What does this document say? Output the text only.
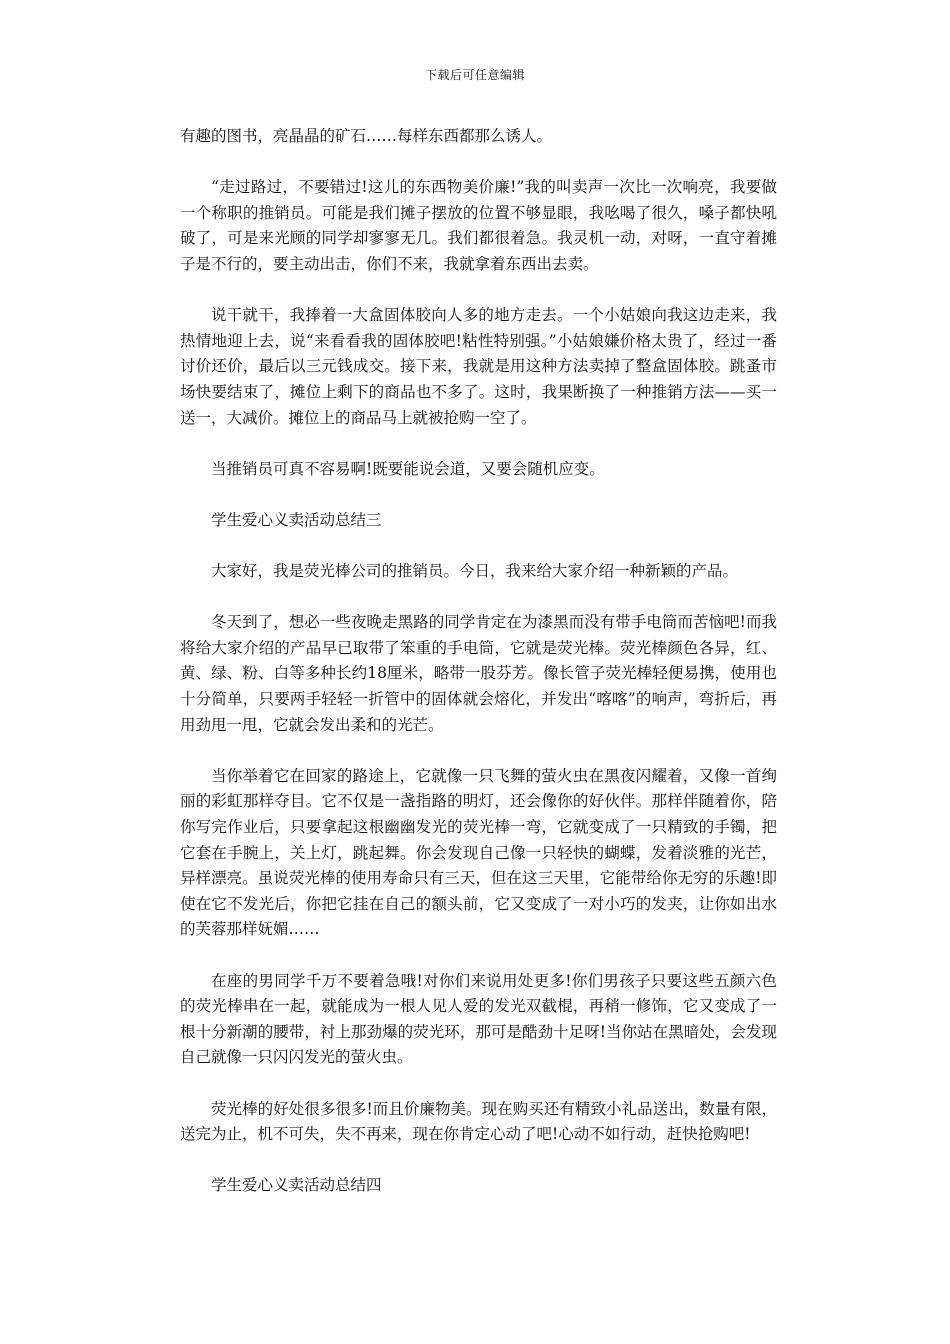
下载后可任意编辑

有趣的图书，亮晶晶的矿石……每样东西都那么诱人。

“走过路过，不要错过!这儿的东西物美价廉!”我的叫卖声一次比一次响亮，我要做一个称职的推销员。可能是我们摊子摆放的位置不够显眼，我吆喝了很久，嗓子都快吼破了，可是来光顾的同学却寥寥无几。我们都很着急。我灵机一动，对呀，一直守着摊子是不行的，要主动出击，你们不来，我就拿着东西出去卖。

说干就干，我捧着一大盒固体胶向人多的地方走去。一个小姑娘向我这边走来，我热情地迎上去，说“来看看我的固体胶吧!粘性特别强。”小姑娘嫌价格太贵了，经过一番讨价还价，最后以三元钱成交。接下来，我就是用这种方法卖掉了整盒固体胶。跳蚤市场快要结束了，摊位上剩下的商品也不多了。这时，我果断换了一种推销方法——买一送一，大减价。摊位上的商品马上就被抢购一空了。

当推销员可真不容易啊!既要能说会道，又要会随机应变。

学生爱心义卖活动总结三

大家好，我是荧光棒公司的推销员。今日，我来给大家介绍一种新颖的产品。

冬天到了，想必一些夜晚走黑路的同学肯定在为漆黑而没有带手电筒而苦恼吧!而我将给大家介绍的产品早已取带了笨重的手电筒，它就是荧光棒。荧光棒颜色各异，红、黄、绿、粉、白等多种长约18厘米，略带一股芬芳。像长管子荧光棒轻便易携，使用也十分简单，只要两手轻轻一折管中的固体就会熔化，并发出“喀喀”的响声，弯折后，再用劲甩一甩，它就会发出柔和的光芒。

当你举着它在回家的路途上，它就像一只飞舞的萤火虫在黑夜闪耀着，又像一首绚丽的彩虹那样夺目。它不仅是一盏指路的明灯，还会像你的好伙伴。那样伴随着你，陪你写完作业后，只要拿起这根幽幽发光的荧光棒一弯，它就变成了一只精致的手镯，把它套在手腕上，关上灯，跳起舞。你会发现自己像一只轻快的蝴蝶，发着淡雅的光芒，异样漂亮。虽说荧光棒的使用寿命只有三天，但在这三天里，它能带给你无穷的乐趣!即使在它不发光后，你把它挂在自己的额头前，它又变成了一对小巧的发夹，让你如出水的芙蓉那样妩媚……

在座的男同学千万不要着急哦!对你们来说用处更多!你们男孩子只要这些五颜六色的荧光棒串在一起，就能成为一根人见人爱的发光双截棍，再稍一修饰，它又变成了一根十分新潮的腰带，衬上那劲爆的荧光环，那可是酷劲十足呀!当你站在黑暗处，会发现自己就像一只闪闪发光的萤火虫。

荧光棒的好处很多很多!而且价廉物美。现在购买还有精致小礼品送出，数量有限，送完为止，机不可失，失不再来，现在你肯定心动了吧!心动不如行动，赶快抢购吧!

学生爱心义卖活动总结四
